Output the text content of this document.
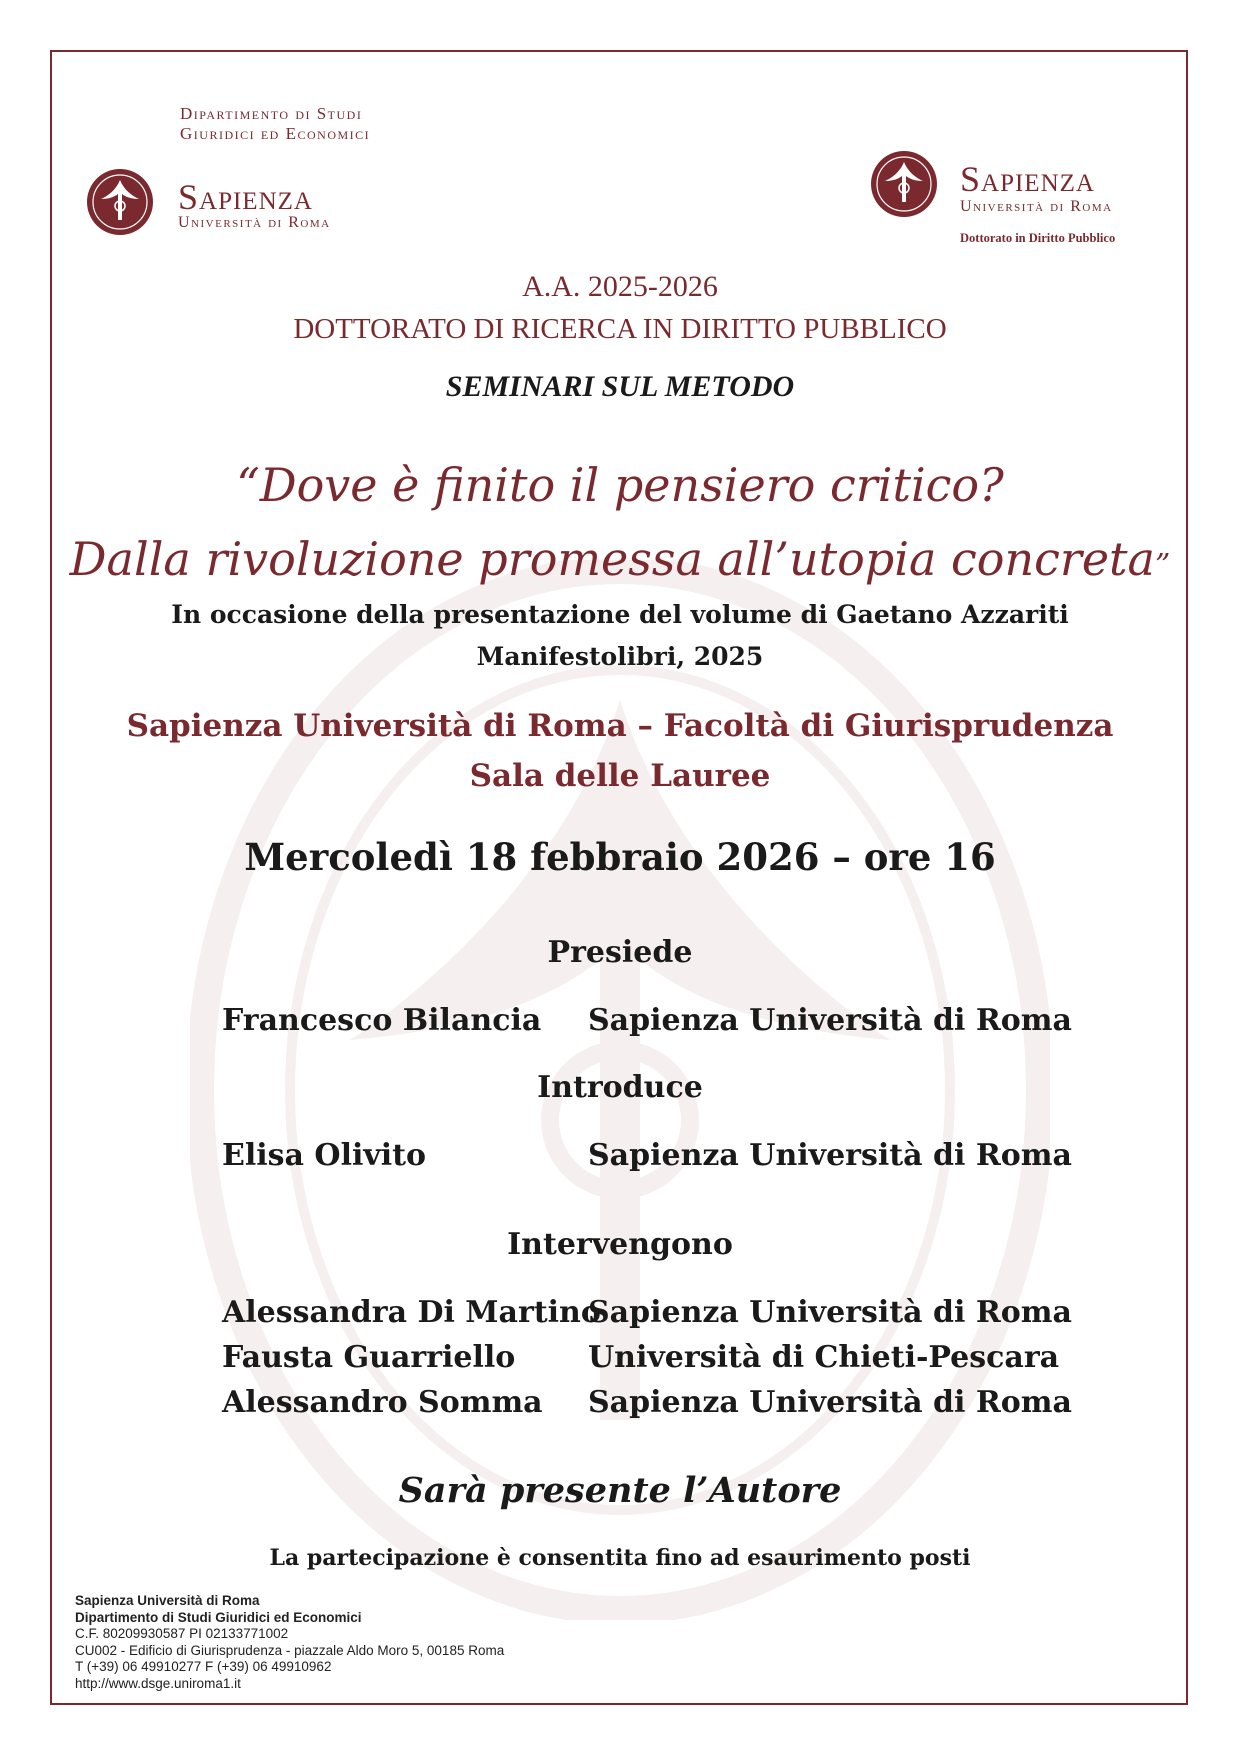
Dipartimento di Studi
Giuridici ed Economici
Sapienza
Università di Roma
Sapienza
Università di Roma
Dottorato in Diritto Pubblico
A.A. 2025-2026
DOTTORATO DI RICERCA IN DIRITTO PUBBLICO
SEMINARI SUL METODO
“Dove è finito il pensiero critico?
Dalla rivoluzione promessa all’utopia concreta”
In occasione della presentazione del volume di Gaetano Azzariti
Manifestolibri, 2025
Sapienza Università di Roma – Facoltà di Giurisprudenza
Sala delle Lauree
Mercoledì 18 febbraio 2026 – ore 16
Presiede
Francesco Bilancia Sapienza Università di Roma
Introduce
Elisa Olivito	Sapienza Università di Roma
Intervengono
Alessandra Di Martino
Sapienza Università di Roma
Fausta Guarriello Università di Chieti-Pescara
Alessandro Somma Sapienza Università di Roma
Sarà presente l’Autore
La partecipazione è consentita fino ad esaurimento posti
Sapienza Università di Roma
Dipartimento di Studi Giuridici ed Economici
C.F. 80209930587 PI 02133771002
CU002 - Edificio di Giurisprudenza - piazzale Aldo Moro 5, 00185 Roma
T (+39) 06 49910277 F (+39) 06 49910962
http://www.dsge.uniroma1.it
